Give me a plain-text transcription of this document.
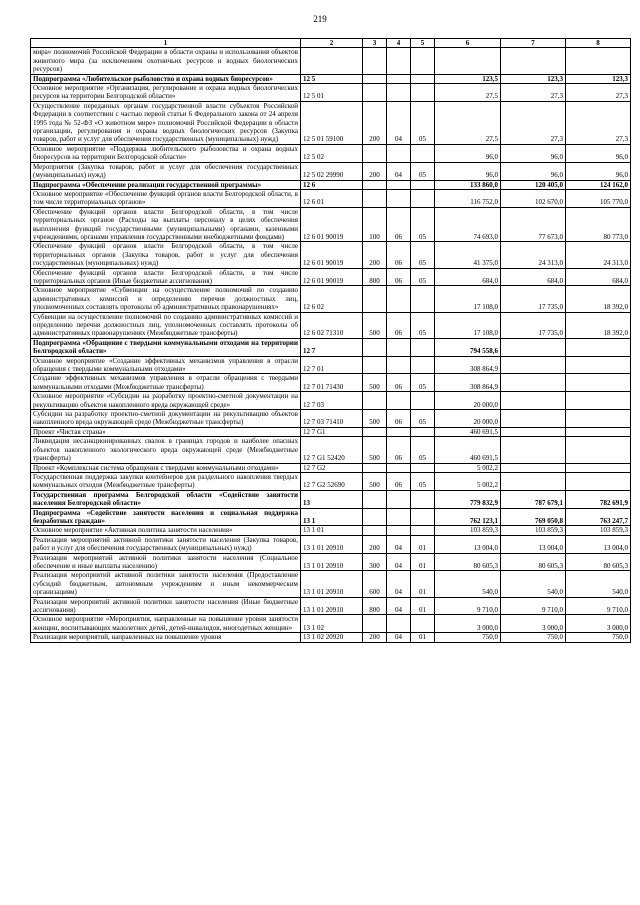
219
1	2	3	4	5	6	7	8
мира» полномочий Российской Федерации в области охраны и использования объектов животного мира (за исключением охотничьих ресурсов и водных биологических ресурсов)							
Подпрограмма «Любительское рыболовство и охрана водных биоресурсов»	12 5				123,5	123,3	123,3
Основное мероприятие «Организация, регулирование и охрана водных биологических ресурсов на территории Белгородской области»	12 5 01				27,5	27,3	27,3
Осуществление переданных органам государственной власти субъектов Российской Федерации в соответствии с частью первой статьи 6 Федерального закона от 24 апреля 1995 года № 52-ФЗ «О животном мире» полномочий Российской Федерации в области организации, регулирования и охраны водных биологических ресурсов (Закупка товаров, работ и услуг для обеспечения государственных (муниципальных) нужд)	12 5 01 59100	200	04	05	27,5	27,3	27,3
Основное мероприятие «Поддержка любительского рыболовства и охрана водных биоресурсов на территории Белгородской области»	12 5 02				96,0	96,0	96,0
Мероприятия (Закупка товаров, работ и услуг для обеспечения государственных (муниципальных) нужд)	12 5 02 29990	200	04	05	96,0	96,0	96,0
Подпрограмма «Обеспечение реализации государственной программы»	12 6				133 860,0	120 405,0	124 162,0
Основное мероприятие «Обеспечение функций органов власти Белгородской области, в том числе территориальных органов»	12 6 01				116 752,0	102 670,0	105 770,0
Обеспечение функций органов власти Белгородской области, в том числе территориальных органов (Расходы на выплаты персоналу в целях обеспечения выполнения функций государственными (муниципальными) органами, казенными учреждениями, органами управления государственными внебюджетными фондами)	12 6 01 90019	100	06	05	74 693,0	77 673,0	80 773,0
Обеспечение функций органов власти Белгородской области, в том числе территориальных органов (Закупка товаров, работ и услуг для обеспечения государственных (муниципальных) нужд)	12 6 01 90019	200	06	05	41 375,0	24 313,0	24 313,0
Обеспечение функций органов власти Белгородской области, в том числе территориальных органов (Иные бюджетные ассигнования)	12 6 01 90019	800	06	05	684,0	684,0	684,0
Основное мероприятие «Субвенции на осуществление полномочий по созданию административных комиссий и определению перечня должностных лиц, уполномоченных составлять протоколы об административных правонарушениях»	12 6 02				17 108,0	17 735,0	18 392,0
Субвенции на осуществление полномочий по созданию административных комиссий и определению перечня должностных лиц, уполномоченных составлять протоколы об административных правонарушениях (Межбюджетные трансферты)	12 6 02 71310	500	06	05	17 108,0	17 735,0	18 392,0
Подпрограмма «Обращение с твердыми коммунальными отходами на территории Белгородской области»	12 7				794 558,6		
Основное мероприятие «Создание эффективных механизмов управления в отрасли обращения с твердыми коммунальными отходами»	12 7 01				308 864,9		
Создание эффективных механизмов управления в отрасли обращения с твердыми коммунальными отходами (Межбюджетные трансферты)	12 7 01 71430	500	06	05	308 864,9		
Основное мероприятие «Субсидии на разработку проектно-сметной документации на рекультивацию объектов накопленного вреда окружающей среде»	12 7 03				20 000,0		
Субсидии на разработку проектно-сметной документации на рекультивацию объектов накопленного вреда окружающей среде (Межбюджетные трансферты)	12 7 03 71410	500	06	05	20 000,0		
Проект «Чистая страна»	12 7 G1				460 691,5		
Ликвидация несанкционированных свалок в границах городов и наиболее опасных объектов накопленного экологического вреда окружающей среде (Межбюджетные трансферты)	12 7 G1 52420	500	06	05	460 691,5		
Проект «Комплексная система обращения с твердыми коммунальными отходами»	12 7 G2				5 002,2		
Государственная поддержка закупки контейнеров для раздельного накопления твердых коммунальных отходов (Межбюджетные трансферты)	12 7 G2 52690	500	06	05	5 002,2		
Государственная программа Белгородской области «Содействие занятости населения Белгородской области»	13				779 832,9	787 679,1	782 691,9
Подпрограмма «Содействие занятости населения и социальная поддержка безработных граждан»	13 1				762 123,1	769 050,8	763 247,7
Основное мероприятие «Активная политика занятости населения»	13 1 01				103 859,3	103 859,3	103 859,3
Реализация мероприятий активной политики занятости населения (Закупка товаров, работ и услуг для обеспечения государственных (муниципальных) нужд)	13 1 01 20910	200	04	01	13 004,0	13 004,0	13 004,0
Реализация мероприятий активной политики занятости населения (Социальное обеспечение и иные выплаты населению)	13 1 01 20910	300	04	01	80 605,3	80 605,3	80 605,3
Реализация мероприятий активной политики занятости населения (Предоставление субсидий бюджетным, автономным учреждениям и иным некоммерческим организациям)	13 1 01 20910	600	04	01	540,0	540,0	540,0
Реализация мероприятий активной политики занятости населения (Иные бюджетные ассигнования)	13 1 01 20910	800	04	01	9 710,0	9 710,0	9 710,0
Основное мероприятие «Мероприятия, направленные на повышение уровня занятости женщин, воспитывающих малолетних детей, детей-инвалидов, многодетных женщин»	13 1 02				3 000,0	3 000,0	3 000,0
Реализация мероприятий, направленных на повышение уровня	13 1 02 20920	200	04	01	750,0	750,0	750,0
